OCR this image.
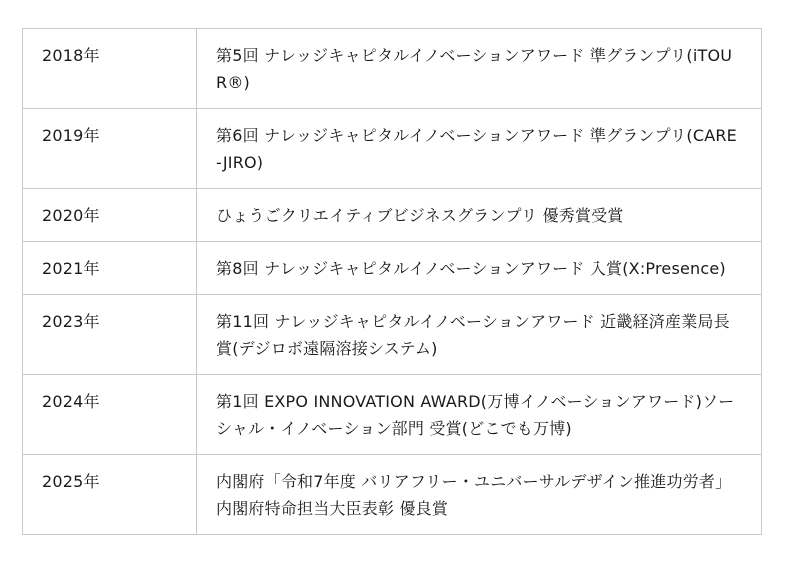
2018年	第5回 ナレッジキャピタルイノベーションアワード 準グランプリ(iTOUR®)
2019年	第6回 ナレッジキャピタルイノベーションアワード 準グランプリ(CARE-JIRO)
2020年	ひょうごクリエイティブビジネスグランプリ 優秀賞受賞
2021年	第8回 ナレッジキャピタルイノベーションアワード 入賞(X:Presence)
2023年	第11回 ナレッジキャピタルイノベーションアワード 近畿経済産業局長賞(デジロボ遠隔溶接システム)
2024年	第1回 EXPO INNOVATION AWARD(万博イノベーションアワード)ソーシャル・イノベーション部門 受賞(どこでも万博)
2025年	内閣府「令和7年度 バリアフリー・ユニバーサルデザイン推進功労者」内閣府特命担当大臣表彰 優良賞
